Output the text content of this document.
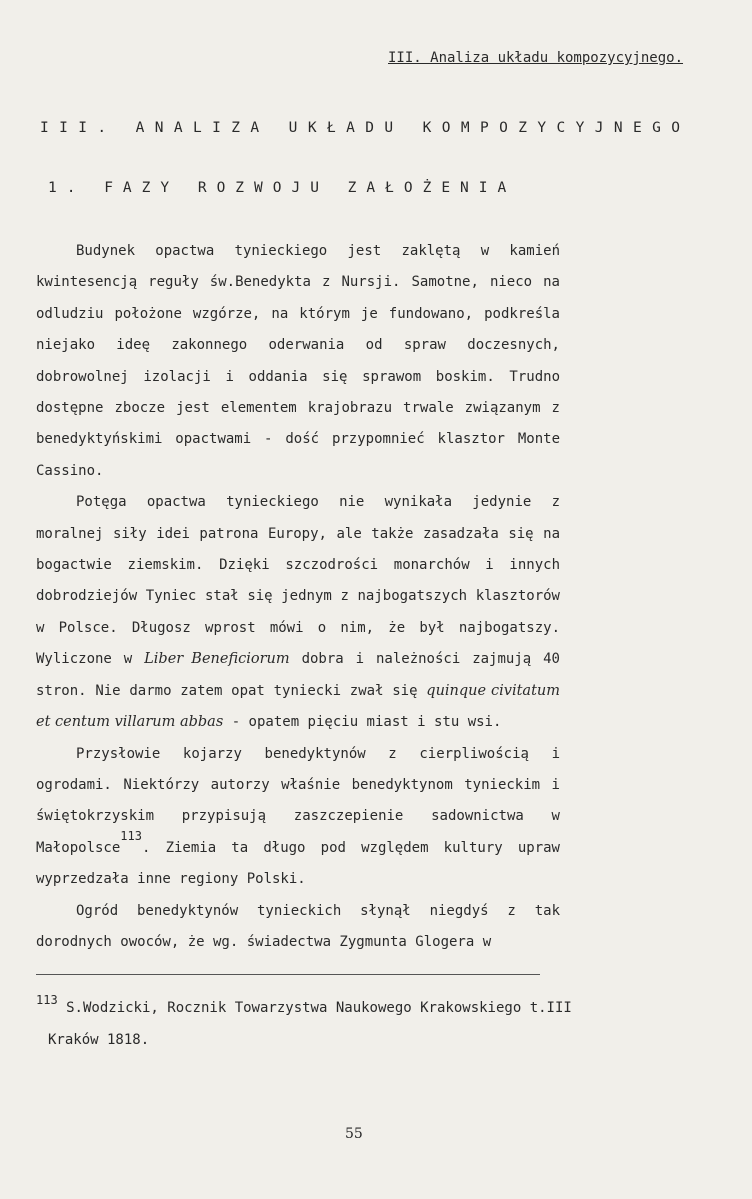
III. Analiza układu kompozycyjnego.
III. ANALIZA UKŁADU KOMPOZYCYJNEGO
1. FAZY ROZWOJU ZAŁOŻENIA

Budynek opactwa tynieckiego jest zaklętą w kamień kwintesencją reguły św.Benedykta z Nursji. Samotne, nieco na odludziu położone wzgórze, na którym je fundowano, podkreśla niejako ideę zakonnego oderwania od spraw doczesnych, dobrowolnej izolacji i oddania się sprawom boskim. Trudno dostępne zbocze jest elementem krajobrazu trwale związanym z benedyktyńskimi opactwami - dość przypomnieć klasztor Monte Cassino.

Potęga opactwa tynieckiego nie wynikała jedynie z moralnej siły idei patrona Europy, ale także zasadzała się na bogactwie ziemskim. Dzięki szczodrości monarchów i innych dobrodziejów Tyniec stał się jednym z najbogatszych klasztorów w Polsce. Długosz wprost mówi o nim, że był najbogatszy. Wyliczone w Liber Beneficiorum dobra i należności zajmują 40 stron. Nie darmo zatem opat tyniecki zwał się quinque civitatum et centum villarum abbas - opatem pięciu miast i stu wsi.

Przysłowie kojarzy benedyktynów z cierpliwością i ogrodami. Niektórzy autorzy właśnie benedyktynom tynieckim i świętokrzyskim przypisują zaszczepienie sadownictwa w Małopolsce$^{113}$. Ziemia ta długo pod względem kultury upraw wyprzedzała inne regiony Polski.

Ogród benedyktynów tynieckich słynął niegdyś z tak dorodnych owoców, że wg. świadectwa Zygmunta Glogera w

113 S.Wodzicki, Rocznik Towarzystwa Naukowego Krakowskiego t.III
Kraków 1818.
55
